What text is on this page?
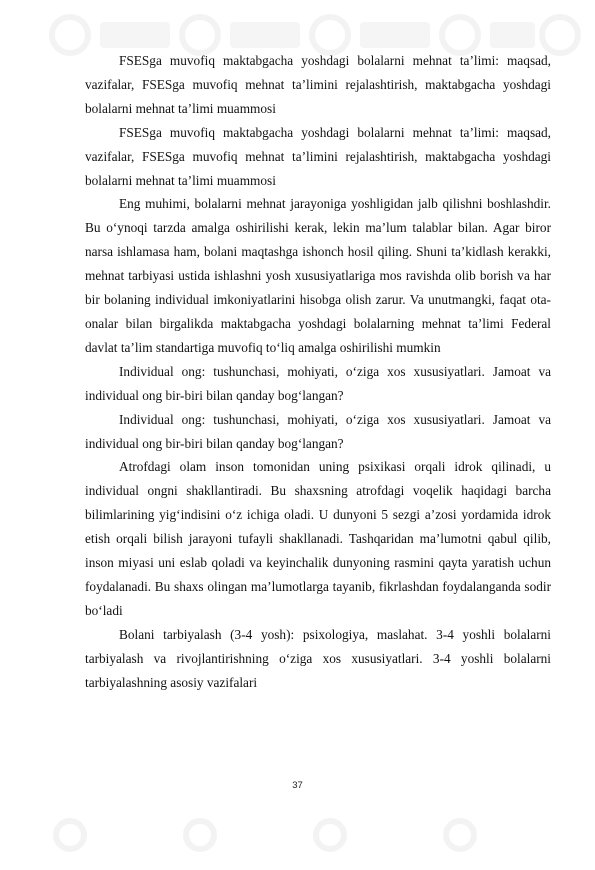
FSESga muvofiq maktabgacha yoshdagi bolalarni mehnat ta’limi: maqsad, vazifalar, FSESga muvofiq mehnat ta’limini rejalashtirish, maktabgacha yoshdagi bolalarni mehnat ta’limi muammosi

FSESga muvofiq maktabgacha yoshdagi bolalarni mehnat ta’limi: maqsad, vazifalar, FSESga muvofiq mehnat ta’limini rejalashtirish, maktabgacha yoshdagi bolalarni mehnat ta’limi muammosi

Eng muhimi, bolalarni mehnat jarayoniga yoshligidan jalb qilishni boshlashdir. Bu o‘ynoqi tarzda amalga oshirilishi kerak, lekin ma’lum talablar bilan. Agar biror narsa ishlamasa ham, bolani maqtashga ishonch hosil qiling. Shuni ta’kidlash kerakki, mehnat tarbiyasi ustida ishlashni yosh xususiyatlariga mos ravishda olib borish va har bir bolaning individual imkoniyatlarini hisobga olish zarur. Va unutmangki, faqat ota-onalar bilan birgalikda maktabgacha yoshdagi bolalarning mehnat ta’limi Federal davlat ta’lim standartiga muvofiq to‘liq amalga oshirilishi mumkin

Individual ong: tushunchasi, mohiyati, o‘ziga xos xususiyatlari. Jamoat va individual ong bir-biri bilan qanday bog‘langan?

Individual ong: tushunchasi, mohiyati, o‘ziga xos xususiyatlari. Jamoat va individual ong bir-biri bilan qanday bog‘langan?

Atrofdagi olam inson tomonidan uning psixikasi orqali idrok qilinadi, u individual ongni shakllantiradi. Bu shaxsning atrofdagi voqelik haqidagi barcha bilimlarining yig‘indisini o‘z ichiga oladi. U dunyoni 5 sezgi a’zosi yordamida idrok etish orqali bilish jarayoni tufayli shakllanadi. Tashqaridan ma’lumotni qabul qilib, inson miyasi uni eslab qoladi va keyinchalik dunyoning rasmini qayta yaratish uchun foydalanadi. Bu shaxs olingan ma’lumotlarga tayanib, fikrlashdan foydalanganda sodir bo‘ladi

Bolani tarbiyalash (3-4 yosh): psixologiya, maslahat. 3-4 yoshli bolalarni tarbiyalash va rivojlantirishning o‘ziga xos xususiyatlari. 3-4 yoshli bolalarni tarbiyalashning asosiy vazifalari

37
